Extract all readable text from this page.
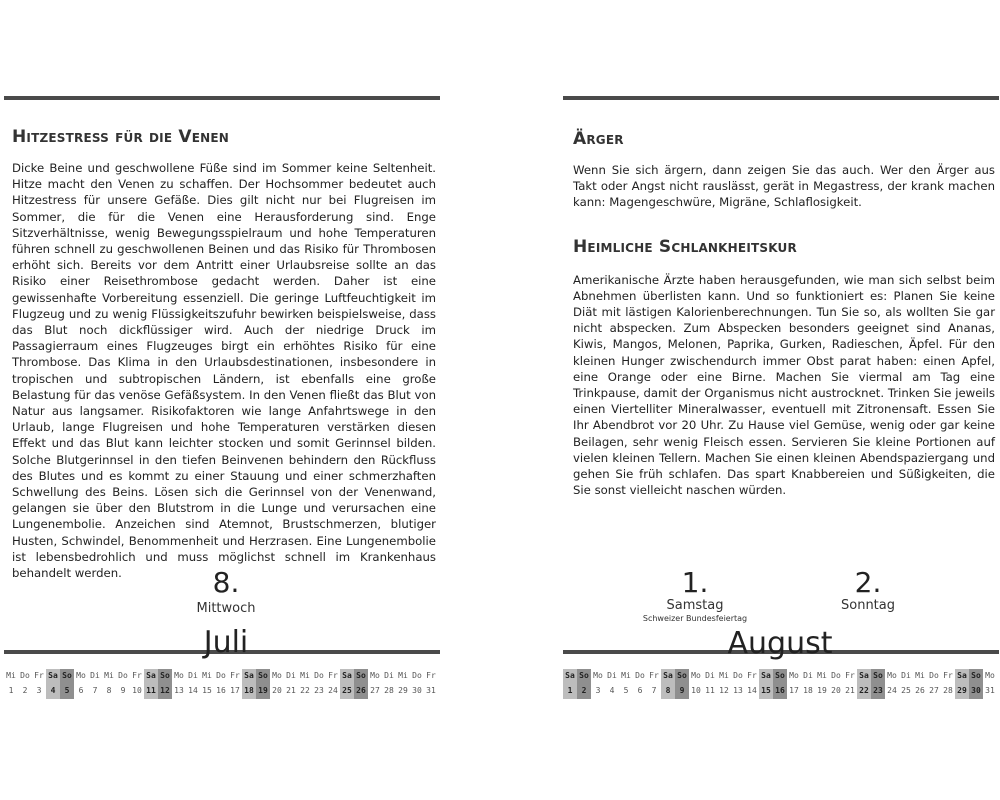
Hitzestress für die Venen

Dicke Beine und geschwollene Füße sind im Sommer keine Seltenheit. Hitze macht den Venen zu schaffen. Der Hochsommer bedeutet auch Hitzestress für unsere Gefäße. Dies gilt nicht nur bei Flugreisen im Sommer, die für die Venen eine Herausforderung sind. Enge Sitzverhältnisse, wenig Bewegungsspielraum und hohe Temperaturen führen schnell zu geschwollenen Beinen und das Risiko für Thrombosen erhöht sich. Bereits vor dem Antritt einer Urlaubsreise sollte an das Risiko einer Reisethrombose gedacht werden. Daher ist eine gewissenhafte Vorbereitung essenziell. Die geringe Luftfeuchtigkeit im Flugzeug und zu wenig Flüssigkeitszufuhr bewirken beispielsweise, dass das Blut noch dickflüssiger wird. Auch der niedrige Druck im Passagierraum eines Flugzeuges birgt ein erhöhtes Risiko für eine Thrombose. Das Klima in den Urlaubsdestinationen, insbesondere in tropischen und subtropischen Ländern, ist ebenfalls eine große Belastung für das venöse Gefäßsystem. In den Venen fließt das Blut von Natur aus langsamer. Risikofaktoren wie lange Anfahrtswege in den Urlaub, lange Flugreisen und hohe Temperaturen verstärken diesen Effekt und das Blut kann leichter stocken und somit Gerinnsel bilden. Solche Blutgerinnsel in den tiefen Beinvenen behindern den Rückfluss des Blutes und es kommt zu einer Stauung und einer schmerzhaften Schwellung des Beins. Lösen sich die Gerinnsel von der Venenwand, gelangen sie über den Blutstrom in die Lunge und verursachen eine Lungenembolie. Anzeichen sind Atemnot, Brustschmerzen, blutiger Husten, Schwindel, Benommenheit und Herzrasen. Eine Lungenembolie ist lebensbedrohlich und muss möglichst schnell im Krankenhaus behandelt werden.	8.
Mittwoch
Juli
Mi
1
Do
2
Fr
3
Sa
4
So
5
Mo
6
Di
7
Mi
8
Do
9
Fr
10
Sa
11
So
12
Mo
13
Di
14
Mi
15
Do
16
Fr
17
Sa
18
So
19
Mo
20
Di
21
Mi
22
Do
23
Fr
24
Sa
25
So
26
Mo
27
Di
28
Mi
29
Do
30
Fr
31
Ärger

Wenn Sie sich ärgern, dann zeigen Sie das auch. Wer den Ärger aus Takt oder Angst nicht rauslässt, gerät in Megastress, der krank machen kann: Magengeschwüre, Migräne, Schlaflosigkeit.

Heimliche Schlankheitskur

Amerikanische Ärzte haben herausgefunden, wie man sich selbst beim Abnehmen überlisten kann. Und so funktioniert es: Planen Sie keine Diät mit lästigen Kalorienberechnungen. Tun Sie so, als wollten Sie gar nicht abspecken. Zum Abspecken besonders geeignet sind Ananas, Kiwis, Mangos, Melonen, Paprika, Gurken, Radieschen, Äpfel. Für den kleinen Hunger zwischendurch immer Obst parat haben: einen Apfel, eine Orange oder eine Birne. Machen Sie viermal am Tag eine Trinkpause, damit der Organismus nicht austrocknet. Trinken Sie jeweils einen Viertelliter Mineralwasser, eventuell mit Zitronensaft. Essen Sie Ihr Abendbrot vor 20 Uhr. Zu Hause viel Gemüse, wenig oder gar keine Beilagen, sehr wenig Fleisch essen. Servieren Sie kleine Portionen auf vielen kleinen Tellern. Machen Sie einen kleinen Abendspaziergang und gehen Sie früh schlafen. Das spart Knabbereien und Süßigkeiten, die Sie sonst vielleicht naschen würden.

1.
Samstag
Schweizer Bundesfeiertag
2.
Sonntag
August
Sa
1
So
2
Mo
3
Di
4
Mi
5
Do
6
Fr
7
Sa
8
So
9
Mo
10
Di
11
Mi
12
Do
13
Fr
14
Sa
15
So
16
Mo
17
Di
18
Mi
19
Do
20
Fr
21
Sa
22
So
23
Mo
24
Di
25
Mi
26
Do
27
Fr
28
Sa
29
So
30
Mo
31
